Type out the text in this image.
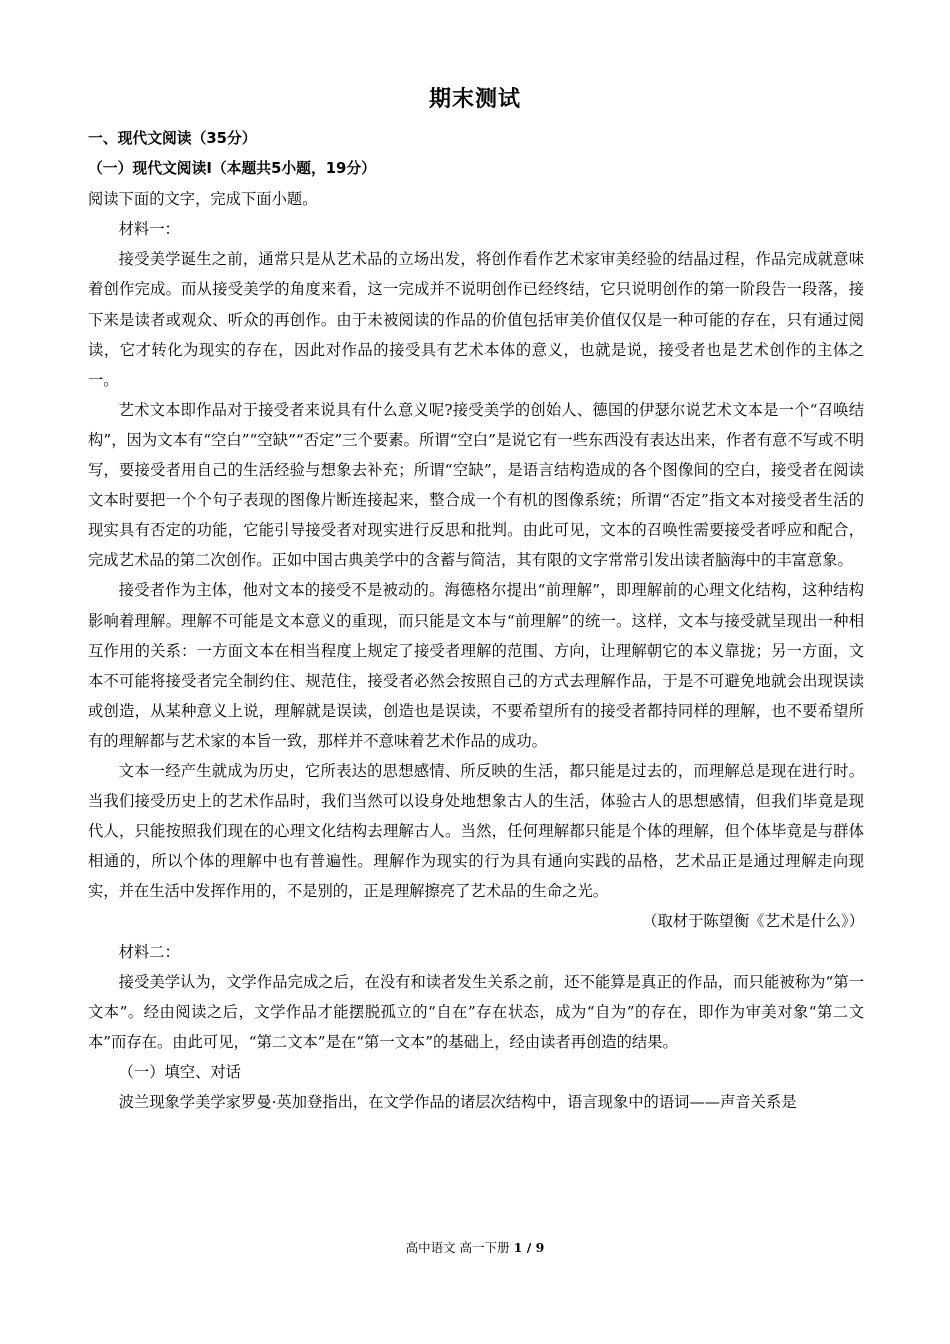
期末测试

一、现代文阅读（35分）

（一）现代文阅读I（本题共5小题，19分）

阅读下面的文字，完成下面小题。

材料一：

接受美学诞生之前，通常只是从艺术品的立场出发，将创作看作艺术家审美经验的结晶过程，作品完成就意味着创作完成。而从接受美学的角度来看，这一完成并不说明创作已经终结，它只说明创作的第一阶段告一段落，接下来是读者或观众、听众的再创作。由于未被阅读的作品的价值包括审美价值仅仅是一种可能的存在，只有通过阅读，它才转化为现实的存在，因此对作品的接受具有艺术本体的意义，也就是说，接受者也是艺术创作的主体之一。

艺术文本即作品对于接受者来说具有什么意义呢?接受美学的创始人、德国的伊瑟尔说艺术文本是一个“召唤结构”，因为文本有“空白”“空缺”“否定”三个要素。所谓“空白”是说它有一些东西没有表达出来，作者有意不写或不明写，要接受者用自己的生活经验与想象去补充；所谓“空缺”，是语言结构造成的各个图像间的空白，接受者在阅读文本时要把一个个句子表现的图像片断连接起来，整合成一个有机的图像系统；所谓“否定”指文本对接受者生活的现实具有否定的功能，它能引导接受者对现实进行反思和批判。由此可见，文本的召唤性需要接受者呼应和配合，完成艺术品的第二次创作。正如中国古典美学中的含蓄与简洁，其有限的文字常常引发出读者脑海中的丰富意象。

接受者作为主体，他对文本的接受不是被动的。海德格尔提出“前理解”，即理解前的心理文化结构，这种结构影响着理解。理解不可能是文本意义的重现，而只能是文本与“前理解”的统一。这样，文本与接受就呈现出一种相互作用的关系：一方面文本在相当程度上规定了接受者理解的范围、方向，让理解朝它的本义靠拢；另一方面，文本不可能将接受者完全制约住、规范住，接受者必然会按照自己的方式去理解作品，于是不可避免地就会出现误读或创造，从某种意义上说，理解就是误读，创造也是误读，不要希望所有的接受者都持同样的理解，也不要希望所有的理解都与艺术家的本旨一致，那样并不意味着艺术作品的成功。

文本一经产生就成为历史，它所表达的思想感情、所反映的生活，都只能是过去的，而理解总是现在进行时。当我们接受历史上的艺术作品时，我们当然可以设身处地想象古人的生活，体验古人的思想感情，但我们毕竟是现代人，只能按照我们现在的心理文化结构去理解古人。当然，任何理解都只能是个体的理解，但个体毕竟是与群体相通的，所以个体的理解中也有普遍性。理解作为现实的行为具有通向实践的品格，艺术品正是通过理解走向现实，并在生活中发挥作用的，不是别的，正是理解擦亮了艺术品的生命之光。

（取材于陈望衡《艺术是什么》）

材料二：

接受美学认为，文学作品完成之后，在没有和读者发生关系之前，还不能算是真正的作品，而只能被称为“第一文本”。经由阅读之后，文学作品才能摆脱孤立的“自在”存在状态，成为“自为”的存在，即作为审美对象“第二文本”而存在。由此可见，“第二文本”是在“第一文本”的基础上，经由读者再创造的结果。

（一）填空、对话

波兰现象学美学家罗曼·英加登指出，在文学作品的诸层次结构中，语言现象中的语词——声音关系是

高中语文 高一下册 1 / 9
